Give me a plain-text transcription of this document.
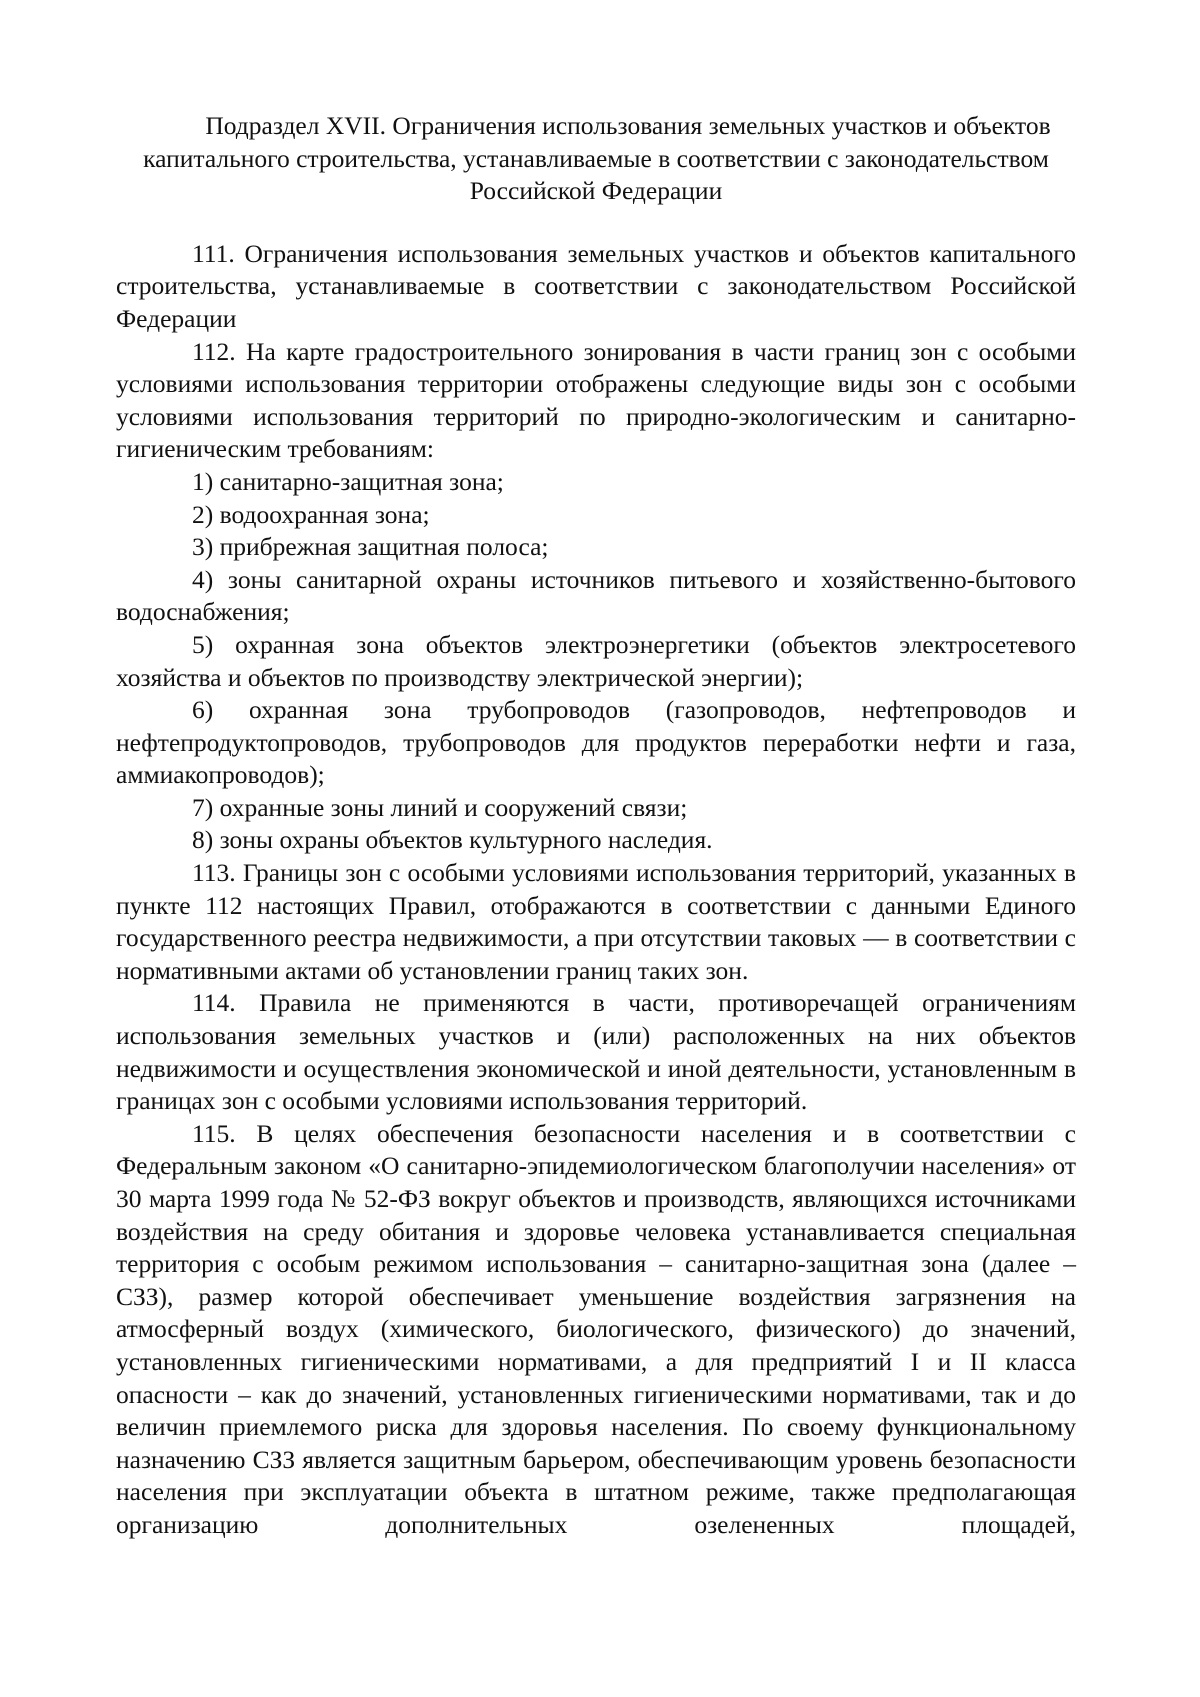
Подраздел XVII. Ограничения использования земельных участков и объектов
капитального строительства, устанавливаемые в соответствии с законодательством Российской Федерации

111. Ограничения использования земельных участков и объектов капитального строительства, устанавливаемые в соответствии с законодательством Российской Федерации

112. На карте градостроительного зонирования в части границ зон с особыми условиями использования территории отображены следующие виды зон с особыми условиями использования территорий по природно-экологическим и санитарно-гигиеническим требованиям:

1) санитарно-защитная зона;

2) водоохранная зона;

3) прибрежная защитная полоса;

4) зоны санитарной охраны источников питьевого и хозяйственно-бытового водоснабжения;

5) охранная зона объектов электроэнергетики (объектов электросетевого хозяйства и объектов по производству электрической энергии);

6) охранная зона трубопроводов (газопроводов, нефтепроводов и нефтепродуктопроводов, трубопроводов для продуктов переработки нефти и газа, аммиакопроводов);

7) охранные зоны линий и сооружений связи;

8) зоны охраны объектов культурного наследия.

113. Границы зон с особыми условиями использования территорий, указанных в пункте 112 настоящих Правил, отображаются в соответствии с данными Единого государственного реестра недвижимости, а при отсутствии таковых — в соответствии с нормативными актами об установлении границ таких зон.

114. Правила не применяются в части, противоречащей ограничениям использования земельных участков и (или) расположенных на них объектов недвижимости и осуществления экономической и иной деятельности, установленным в границах зон с особыми условиями использования территорий.

115. В целях обеспечения безопасности населения и в соответствии с Федеральным законом «О санитарно-эпидемиологическом благополучии населения» от 30 марта 1999 года № 52-ФЗ вокруг объектов и производств, являющихся источниками воздействия на среду обитания и здоровье человека устанавливается специальная территория с особым режимом использования – санитарно-защитная зона (далее – СЗЗ), размер которой обеспечивает уменьшение воздействия загрязнения на атмосферный воздух (химического, биологического, физического) до значений, установленных гигиеническими нормативами, а для предприятий I и II класса опасности – как до значений, установленных гигиеническими нормативами, так и до величин приемлемого риска для здоровья населения. По своему функциональному назначению СЗЗ является защитным барьером, обеспечивающим уровень безопасности населения при эксплуатации объекта в штатном режиме, также предполагающая организацию дополнительных озелененных площадей,
